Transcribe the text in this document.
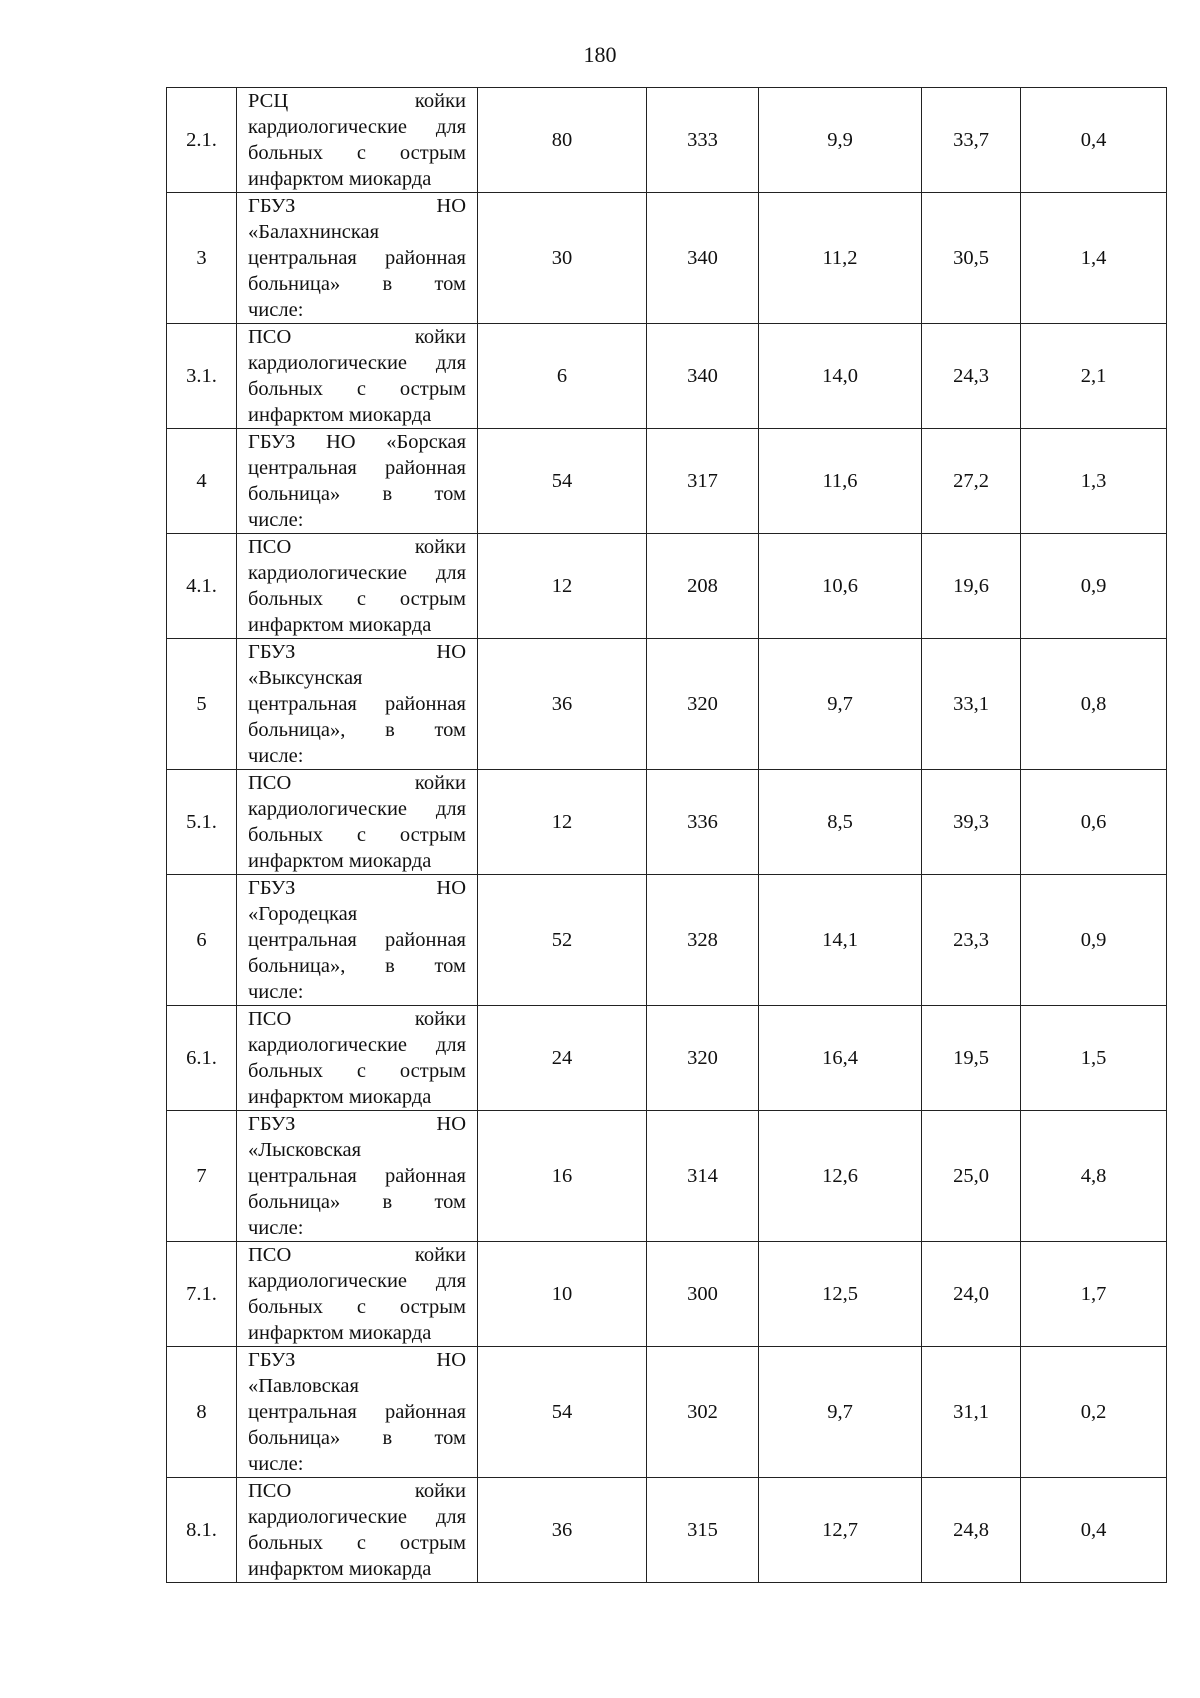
180
2.1.	РСЦ койки
кардиологические для
больных с острым
инфарктом миокарда	80	333	9,9	33,7	0,4
3	ГБУЗ НО
«Балахнинская
центральная районная
больница» в том
числе:	30	340	11,2	30,5	1,4
3.1.	ПСО койки
кардиологические для
больных с острым
инфарктом миокарда	6	340	14,0	24,3	2,1
4	ГБУЗ НО «Борская
центральная районная
больница» в том
числе:	54	317	11,6	27,2	1,3
4.1.	ПСО койки
кардиологические для
больных с острым
инфарктом миокарда	12	208	10,6	19,6	0,9
5	ГБУЗ НО
«Выксунская
центральная районная
больница», в том
числе:	36	320	9,7	33,1	0,8
5.1.	ПСО койки
кардиологические для
больных с острым
инфарктом миокарда	12	336	8,5	39,3	0,6
6	ГБУЗ НО
«Городецкая
центральная районная
больница», в том
числе:	52	328	14,1	23,3	0,9
6.1.	ПСО койки
кардиологические для
больных с острым
инфарктом миокарда	24	320	16,4	19,5	1,5
7	ГБУЗ НО
«Лысковская
центральная районная
больница» в том
числе:	16	314	12,6	25,0	4,8
7.1.	ПСО койки
кардиологические для
больных с острым
инфарктом миокарда	10	300	12,5	24,0	1,7
8	ГБУЗ НО
«Павловская
центральная районная
больница» в том
числе:	54	302	9,7	31,1	0,2
8.1.	ПСО койки
кардиологические для
больных с острым
инфарктом миокарда	36	315	12,7	24,8	0,4
